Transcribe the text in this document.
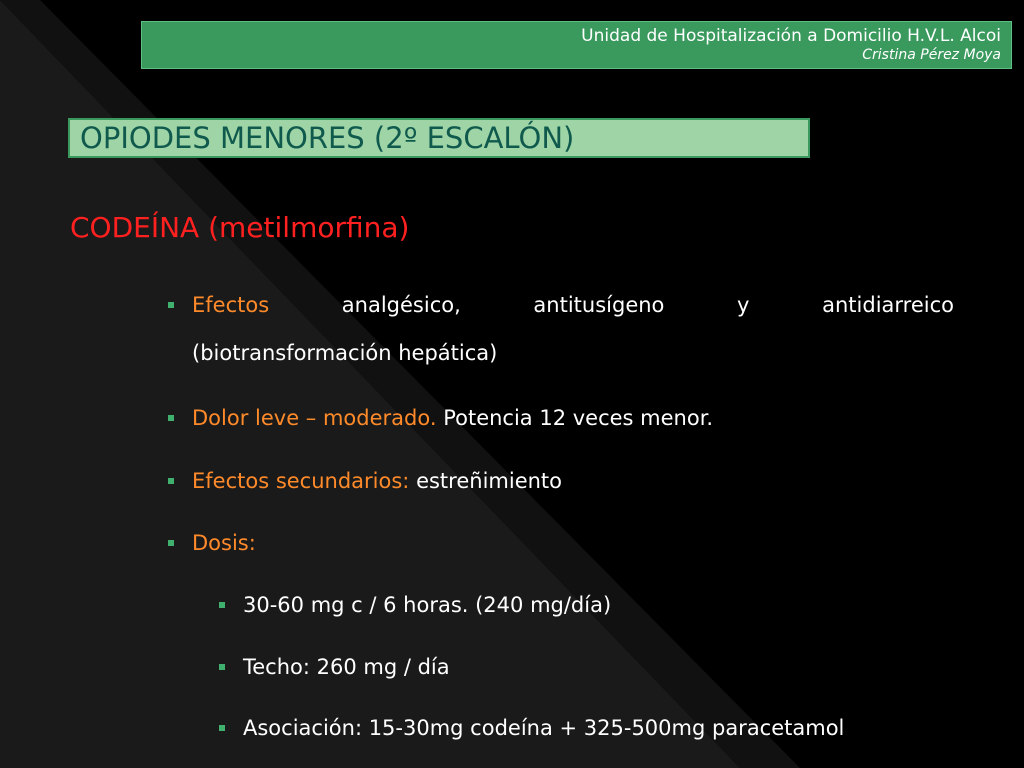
Unidad de Hospitalización a Domicilio H.V.L. Alcoi
Cristina Pérez Moya
OPIODES MENORES (2º ESCALÓN)
CODEÍNA (metilmorfina)
Efectos	analgésico,	antitusígeno	y	antidiarreico
(biotransformación hepática)
Dolor leve – moderado. Potencia 12 veces menor.
Efectos secundarios: estreñimiento
Dosis:
30-60 mg c / 6 horas. (240 mg/día)
Techo: 260 mg / día
Asociación: 15-30mg codeína + 325-500mg paracetamol
